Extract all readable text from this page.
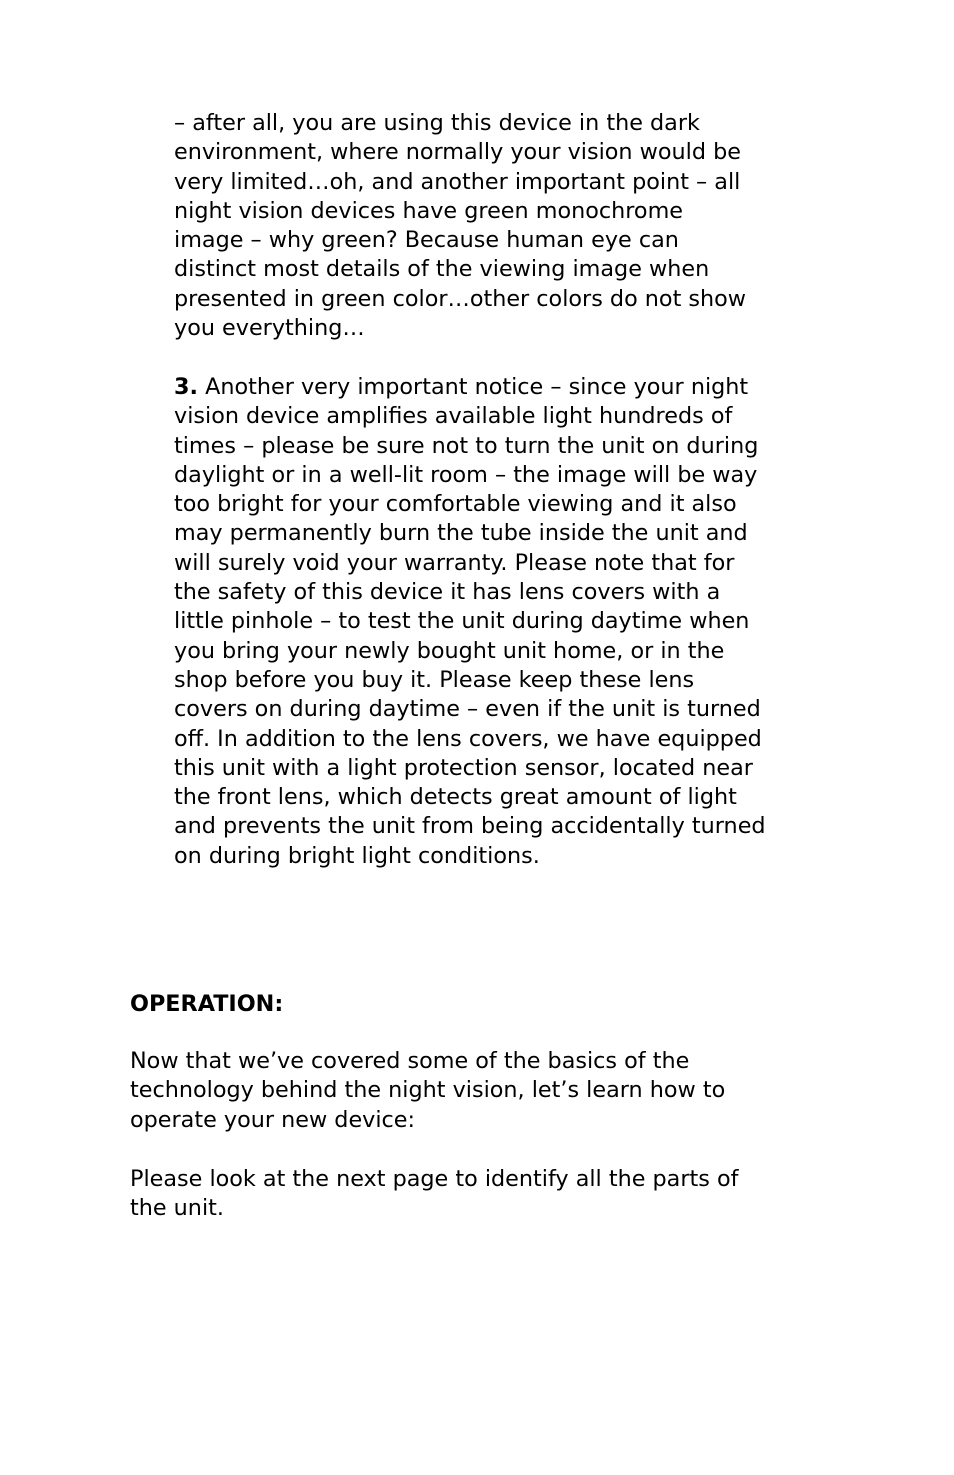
– after all, you are using this device in the dark
environment, where normally your vision would be
very limited…oh, and another important point – all
night vision devices have green monochrome
image – why green? Because human eye can
distinct most details of the viewing image when
presented in green color…other colors do not show
you everything…

3. Another very important notice – since your night
vision device amplifies available light hundreds of
times – please be sure not to turn the unit on during
daylight or in a well-lit room – the image will be way
too bright for your comfortable viewing and it also
may permanently burn the tube inside the unit and
will surely void your warranty. Please note that for
the safety of this device it has lens covers with a
little pinhole – to test the unit during daytime when
you bring your newly bought unit home, or in the
shop before you buy it. Please keep these lens
covers on during daytime – even if the unit is turned
off. In addition to the lens covers, we have equipped
this unit with a light protection sensor, located near
the front lens, which detects great amount of light
and prevents the unit from being accidentally turned
on during bright light conditions.

OPERATION:

Now that we’ve covered some of the basics of the
technology behind the night vision, let’s learn how to
operate your new device:

Please look at the next page to identify all the parts of
the unit.
